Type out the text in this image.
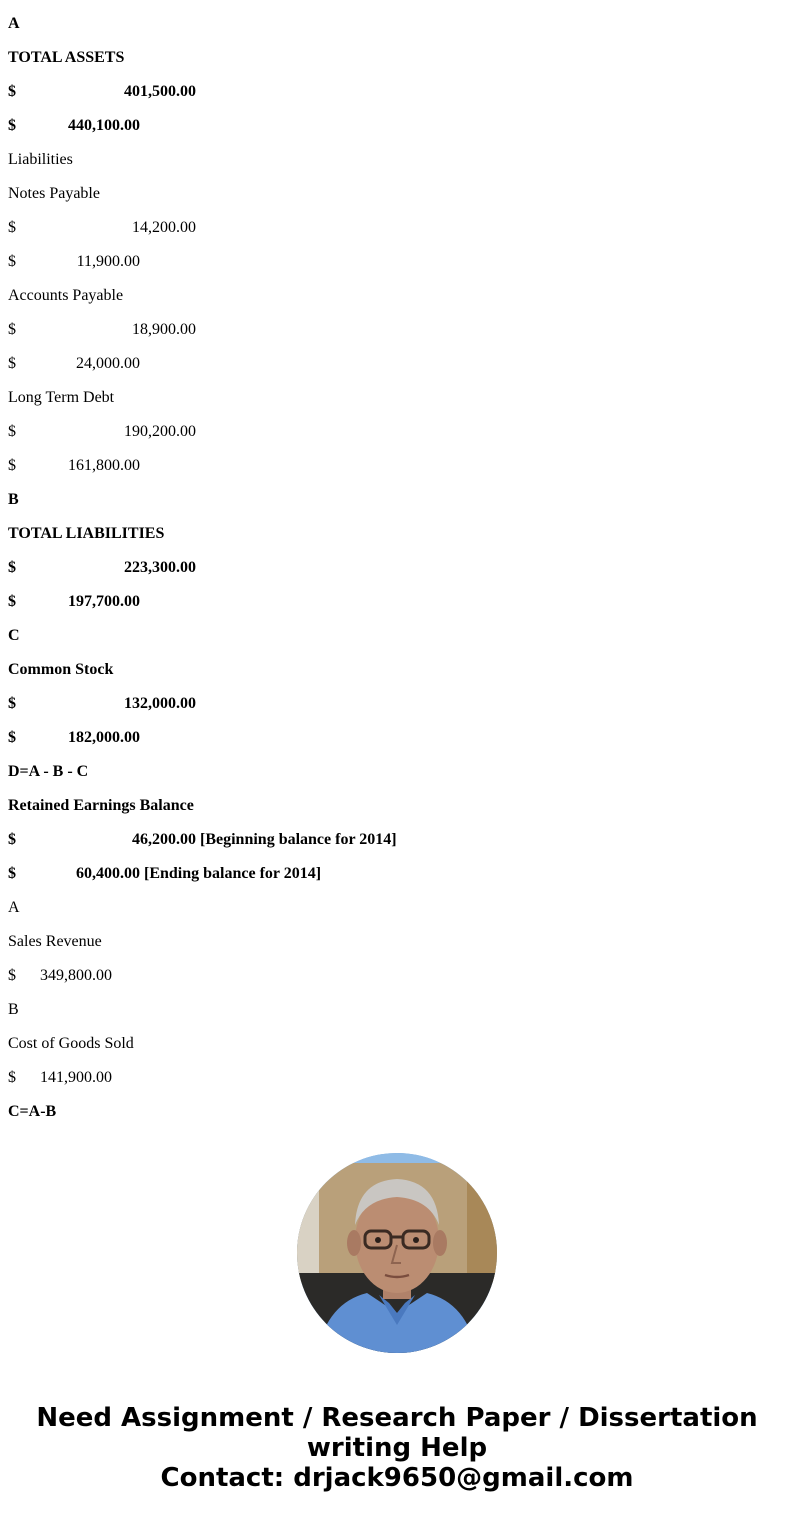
A
TOTAL ASSETS

$

	401,500.00

$

	440,100.00

Liabilities
Notes Payable

$

	14,200.00

$

	11,900.00

Accounts Payable

$

	18,900.00

$

	24,000.00

Long Term Debt

$

	190,200.00

$

	161,800.00

B
TOTAL LIABILITIES

$

	223,300.00

$

	197,700.00

C
Common Stock

$

	132,000.00

$

	182,000.00

D=A - B - C
Retained Earnings Balance

$

	46,200.00

[Beginning balance for 2014]

$

	60,400.00

[Ending balance for 2014]

A
Sales Revenue

$

	349,800.00

B
Cost of Goods Sold

$

	141,900.00

C=A-B
Need Assignment / Research Paper / Dissertation
writing Help
Contact: drjack9650@gmail.com
